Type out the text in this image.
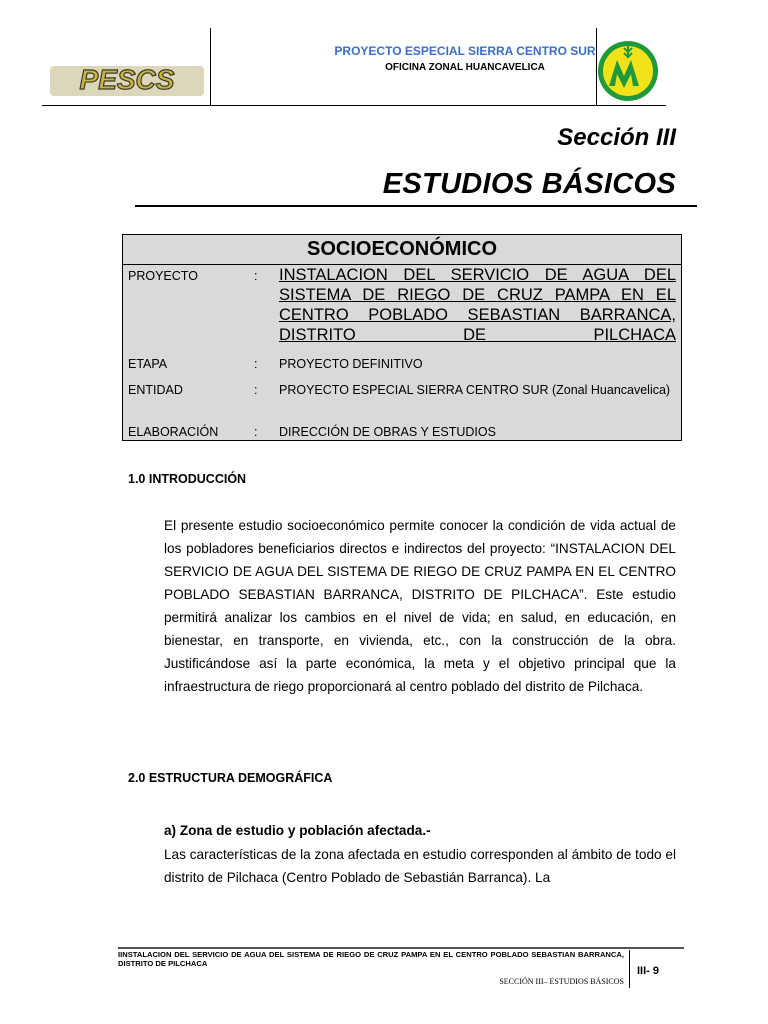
PESCS
PROYECTO ESPECIAL SIERRA CENTRO SUR
OFICINA ZONAL HUANCAVELICA
Sección III
ESTUDIOS BÁSICOS
SOCIOECONÓMICO
PROYECTO	: INSTALACION DEL SERVICIO DE AGUA DEL SISTEMA DE RIEGO DE CRUZ PAMPA EN EL CENTRO POBLADO SEBASTIAN BARRANCA, DISTRITO DE PILCHACA
ETAPA	: PROYECTO DEFINITIVO
ENTIDAD	: PROYECTO ESPECIAL SIERRA CENTRO SUR (Zonal Huancavelica)
ELABORACIÓN	: DIRECCIÓN DE OBRAS Y ESTUDIOS
1.0 INTRODUCCIÓN

El presente estudio socioeconómico permite conocer la condición de vida actual de los pobladores beneficiarios directos e indirectos del proyecto: “INSTALACION DEL SERVICIO DE AGUA DEL SISTEMA DE RIEGO DE CRUZ PAMPA EN EL CENTRO POBLADO SEBASTIAN BARRANCA, DISTRITO DE PILCHACA”. Este estudio permitirá analizar los cambios en el nivel de vida; en salud, en educación, en bienestar, en transporte, en vivienda, etc., con la construcción de la obra. Justificándose así la parte económica, la meta y el objetivo principal que la infraestructura de riego proporcionará al centro poblado del distrito de Pilchaca.

2.0 ESTRUCTURA DEMOGRÁFICA
a) Zona de estudio y población afectada.-

Las características de la zona afectada en estudio corresponden al ámbito de todo el distrito de Pilchaca (Centro Poblado de Sebastián Barranca). La

IINSTALACION DEL SERVICIO DE AGUA DEL SISTEMA DE RIEGO DE CRUZ PAMPA EN EL CENTRO POBLADO SEBASTIAN BARRANCA, DISTRITO DE PILCHACA
SECCIÓN III– ESTUDIOS BÁSICOS
III- 9
